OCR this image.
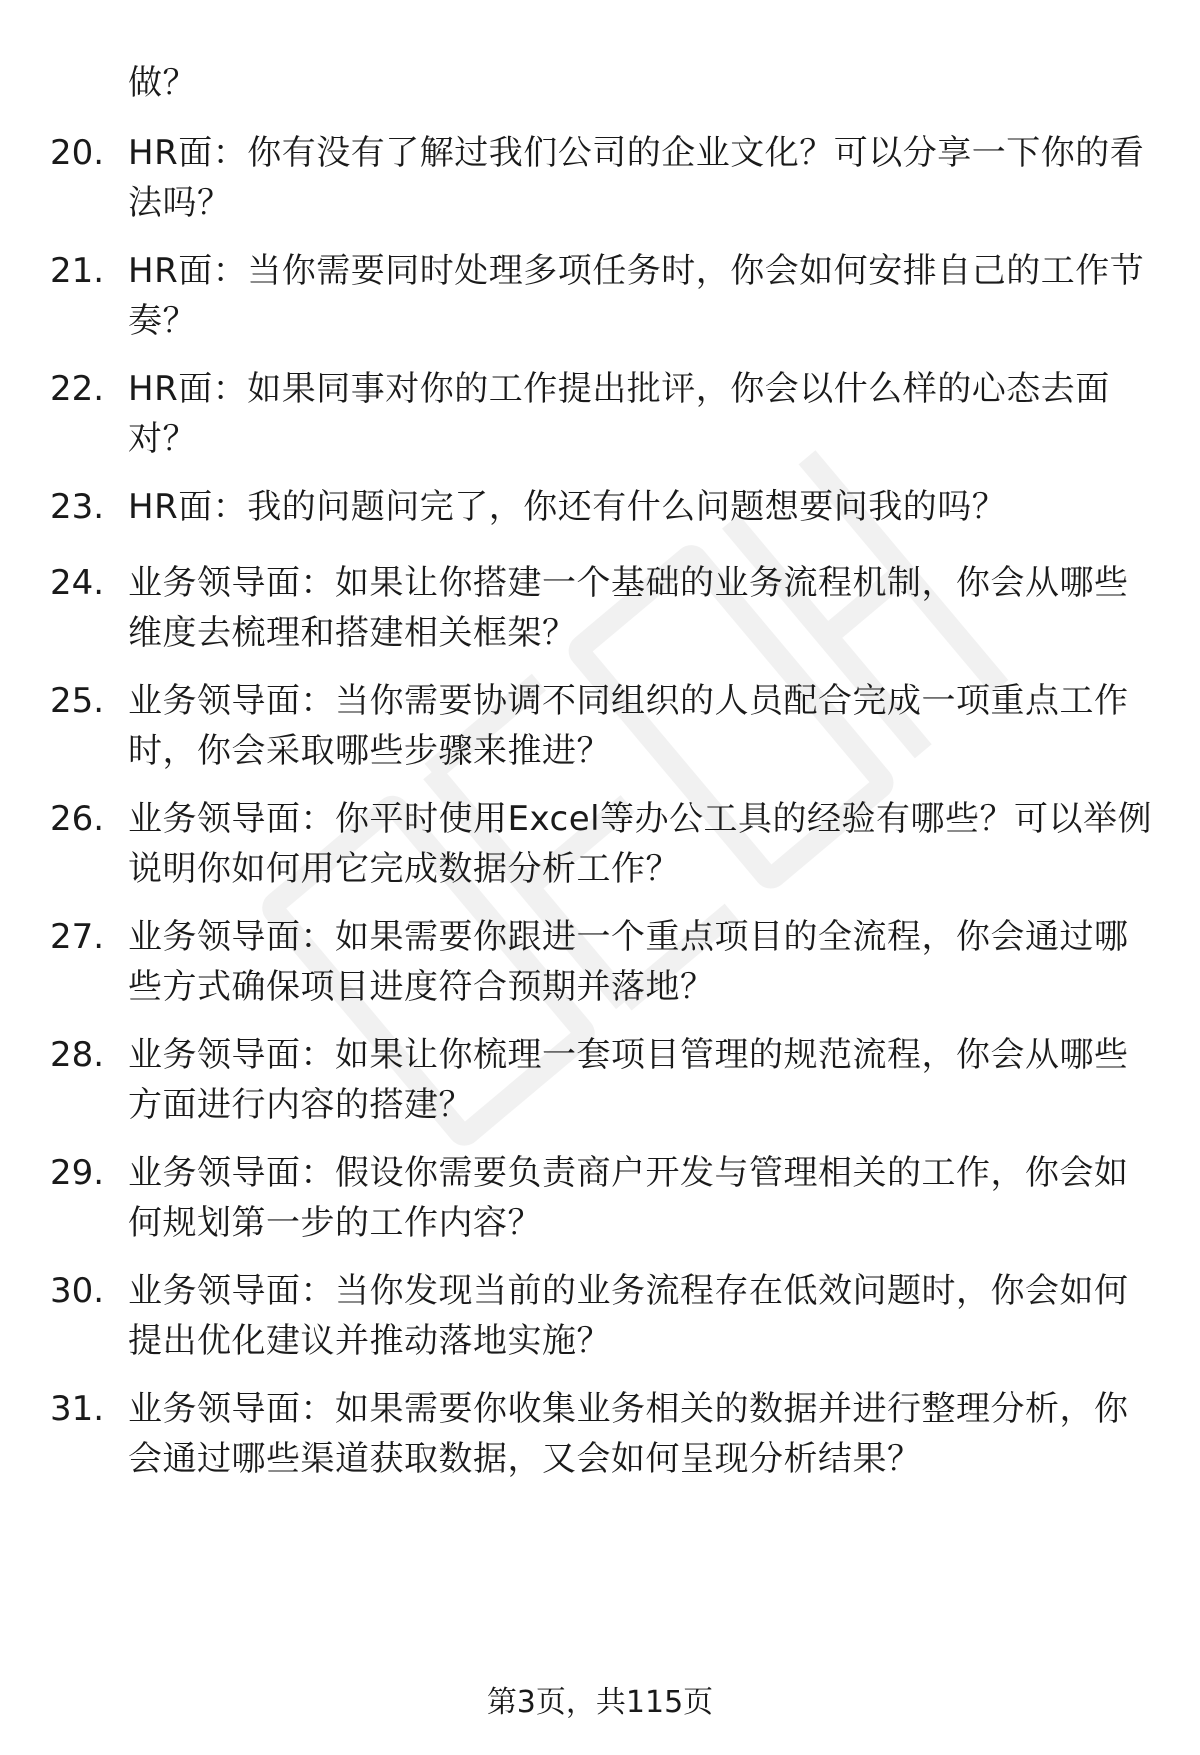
做？
20. HR面：你有没有了解过我们公司的企业文化？可以分享一下你的看法吗？
21. HR面：当你需要同时处理多项任务时，你会如何安排自己的工作节奏？
22. HR面：如果同事对你的工作提出批评，你会以什么样的心态去面对？
23. HR面：我的问题问完了，你还有什么问题想要问我的吗？
24. 业务领导面：如果让你搭建一个基础的业务流程机制，你会从哪些维度去梳理和搭建相关框架？
25. 业务领导面：当你需要协调不同组织的人员配合完成一项重点工作时，你会采取哪些步骤来推进？
26. 业务领导面：你平时使用Excel等办公工具的经验有哪些？可以举例说明你如何用它完成数据分析工作？
27. 业务领导面：如果需要你跟进一个重点项目的全流程，你会通过哪些方式确保项目进度符合预期并落地？
28. 业务领导面：如果让你梳理一套项目管理的规范流程，你会从哪些方面进行内容的搭建？
29. 业务领导面：假设你需要负责商户开发与管理相关的工作，你会如何规划第一步的工作内容？
30. 业务领导面：当你发现当前的业务流程存在低效问题时，你会如何提出优化建议并推动落地实施？
31. 业务领导面：如果需要你收集业务相关的数据并进行整理分析，你会通过哪些渠道获取数据，又会如何呈现分析结果？
第3页，共115页
